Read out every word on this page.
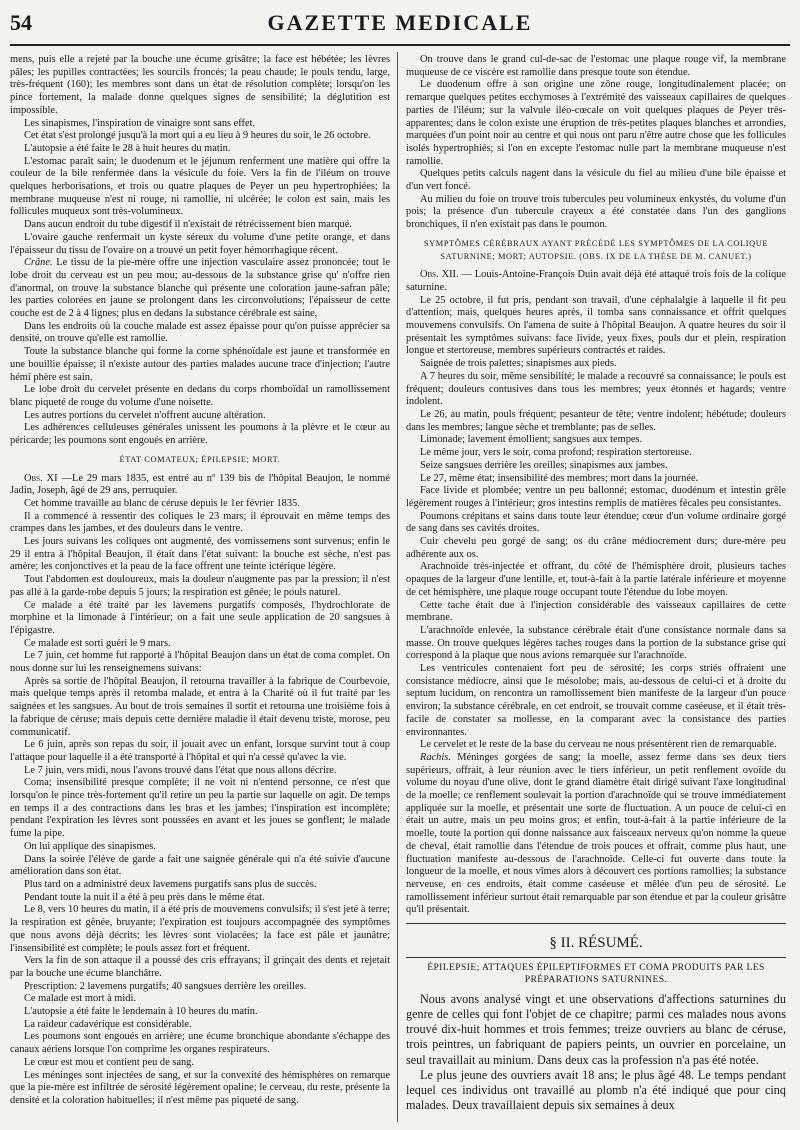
54	GAZETTE MEDICALE

mens, puis elle a rejeté par la bouche une écume grisâtre; la face est hébétée; les lèvres pâles; les pupilles contractées; les sourcils froncés; la peau chaude; le pouls tendu, large, très-fréquent (160); les membres sont dans un état de résolution complète; lorsqu'on les pince fortement, la malade donne quelques signes de sensibilité; la déglutition est impossible.

Les sinapismes, l'inspiration de vinaigre sont sans effet.

Cet état s'est prolongé jusqu'à la mort qui a eu lieu à 9 heures du soir, le 26 octobre.

L'autopsie a été faite le 28 à huit heures du matin.

L'estomac paraît sain; le duodenum et le jéjunum renferment une matière qui offre la couleur de la bile renfermée dans la vésicule du foie. Vers la fin de l'iléum on trouve quelques herborisations, et trois ou quatre plaques de Peyer un peu hypertrophiées; la membrane muqueuse n'est ni rouge, ni ramollie, ni ulcérée; le colon est sain, mais les follicules muqueux sont très-volumineux.

Dans aucun endroit du tube digestif il n'existait de rétrécissement bien marqué.

L'ovaire gauche renfermait un kyste séreux du volume d'une petite orange, et dans l'épaisseur du tissu de l'ovaire on a trouvé un petit foyer hémorrhagique récent.

Crâne. Le tissu de la pie-mère offre une injection vasculaire assez prononcée; tout le lobe droit du cerveau est un peu mou; au-dessous de la substance grise qu' n'offre rien d'anormal, on trouve la substance blanche qui présente une coloration jaune-safran pâle; les parties colorées en jaune se prolongent dans les circonvolutions; l'épaisseur de cette couche est de 2 à 4 lignes; plus en dedans la substance cérébrale est saine,

Dans les endroits où la couche malade est assez épaisse pour qu'on puisse apprécier sa densité, on trouve qu'elle est ramollie.

Toute la substance blanche qui forme la corne sphénoïdale est jaune et transformée en une bouillie épaisse; il n'existe autour des parties malades aucune trace d'injection; l'autre hémi phère est sain.

Le lobe droit du cervelet présente en dedans du corps rhomboïdal un ramollissement blanc piqueté de rouge du volume d'une noisette.

Les autres portions du cervelet n'offrent aucune altération.

Les adhérences celluleuses générales unissent les poumons à la plèvre et le cœur au péricarde; les poumons sont engoués en arrière.

ÉTAT COMATEUX; ÉPILEPSIE; MORT.

Obs. XI —Le 29 mars 1835, est entré au nº 139 bis de l'hôpital Beaujon, le nommé Jadin, Joseph, âgé de 29 ans, perruquier.

Cet homme travaille au blanc de céruse depuis le 1er février 1835.

Il a commencé à ressentir des coliques le 23 mars; il éprouvait en même temps des crampes dans les jambes, et des douleurs dans le ventre.

Les jours suivans les coliques ont augmenté, des vomissemens sont survenus; enfin le 29 il entra à l'hôpital Beaujon, il était dans l'état suivant: la bouche est sèche, n'est pas amère; les conjonctives et la peau de la face offrent une teinte ictérique légère.

Tout l'abdomen est douloureux, mais la douleur n'augmente pas par la pression; il n'est pas allé à la garde-robe depuis 5 jours; la respiration est gênée; le pouls naturel.

Ce malade a été traité par les lavemens purgatifs composés, l'hydrochlorate de morphine et la limonade à l'intérieur; on a fait une seule application de 20 sangsues à l'épigastre.

Ce malade est sorti guéri le 9 mars.

Le 7 juin, cet homme fut rapporté à l'hôpital Beaujon dans un état de coma complet. On nous donne sur lui les renseignemens suivans:

Après sa sortie de l'hôpital Beaujon, il retourna travailler à la fabrique de Courbevoie, mais quelque temps après il retomba malade, et entra à la Charité où il fut traité par les saignées et les sangsues. Au bout de trois semaines il sortit et retourna une troisième fois à la fabrique de céruse; mais depuis cette dernière maladie il était devenu triste, morose, peu communicatif.

Le 6 juin, après son repas du soir, il jouait avec un enfant, lorsque survint tout à coup l'attaque pour laquelle il a été transporté à l'hôpital et qui n'a cessé qu'avec la vie.

Le 7 juin, vers midi, nous l'avons trouvé dans l'état que nous allons décrire.

Coma; insensibilité presque complète; il ne voit ni n'entend personne, ce n'est que lorsqu'on le pince très-fortement qu'il retire un peu la partie sur laquelle on agit. De temps en temps il a des contractions dans les bras et les jambes; l'inspiration est incomplète; pendant l'expiration les lèvres sont poussées en avant et les joues se gonflent; le malade fume la pipe.

On lui applique des sinapismes.

Dans la soirée l'élève de garde a fait une saignée générale qui n'a été suivie d'aucune amélioration dans son état.

Plus tard on a administré deux lavemens purgatifs sans plus de succès.

Pendant toute la nuit il a été à peu près dans le même état.

Le 8, vers 10 heures du matin, il a été pris de mouvemens convulsifs; il s'est jeté à terre; la respiration est gênée, bruyante; l'expiration est toujours accompagnée des symptômes que nous avons déjà décrits; les lèvres sont violacées; la face est pâle et jaunâtre; l'insensibilité est complète; le pouls assez fort et fréquent.

Vers la fin de son attaque il a poussé des cris effrayans; il grinçait des dents et rejetait par la bouche une écume blanchâtre.

Prescription: 2 lavemens purgatifs; 40 sangsues derrière les oreilles.

Ce malade est mort à midi.

L'autopsie a été faite le lendemain à 10 heures du matin.

La raideur cadavérique est considérable.

Les poumons sont engoués en arrière; une écume bronchique abondante s'échappe des canaux aériens lorsque l'on comprime les organes respirateurs.

Le cœur est mou et contient peu de sang.

Les méninges sont injectées de sang, et sur la convexité des hémisphères on remarque que la pie-mère est infiltrée de sérosité légèrement opaline; le cerveau, du reste, présente la densité et la coloration habituelles; il n'est même pas piqueté de sang.

On trouve dans le grand cul-de-sac de l'estomac une plaque rouge vif, la membrane muqueuse de ce viscère est ramollie dans presque toute son étendue.

Le duodenum offre à son origine une zône rouge, longitudinalement placée; on remarque quelques petites ecchymoses à l'extrémité des vaisseaux capillaires de quelques parties de l'iléum; sur la valvule iléo-cœcale on voit quelques plaques de Peyer très-apparentes; dans le colon existe une éruption de très-petites plaques blanches et arrondies, marquées d'un point noir au centre et qui nous ont paru n'être autre chose que les follicules isolés hypertrophiés; si l'on en excepte l'estomac nulle part la membrane muqueuse n'est ramollie.

Quelques petits calculs nagent dans la vésicule du fiel au milieu d'une bile épaisse et d'un vert foncé.

Au milieu du foie on trouve trois tubercules peu volumineux enkystés, du volume d'un pois; la présence d'un tubercule crayeux a été constatée dans l'un des ganglions bronchiques, il n'en existait pas dans le poumon.

SYMPTÔMES CÉRÉBRAUX AYANT PRÉCÉDÉ LES SYMPTÔMES DE LA COLIQUE SATURNINE; MORT; AUTOPSIE. (OBS. IX DE LA THÈSE DE M. CANUET.)

Obs. XII. — Louis-Antoine-François Duin avait déjà été attaqué trois fois de la colique saturnine.

Le 25 octobre, il fut pris, pendant son travail, d'une céphalalgie à laquelle il fit peu d'attention; mais, quelques heures après, il tomba sans connaissance et offrit quelques mouvemens convulsifs. On l'amena de suite à l'hôpital Beaujon. A quatre heures du soir il présentait les symptômes suivans: face livide, yeux fixes, pouls dur et plein, respiration longue et stertoreuse, membres supérieurs contractés et raides.

Saignée de trois palettes; sinapismes aux pieds.

A 7 heures du soir, même sensibilité; le malade a recouvré sa connaissance; le pouls est fréquent; douleurs contusives dans tous les membres; yeux étonnés et hagards; ventre indolent.

Le 26, au matin, pouls fréquent; pesanteur de tête; ventre indolent; hébétude; douleurs dans les membres; langue sèche et tremblante; pas de selles.

Limonade; lavement émollient; sangsues aux tempes.

Le même jour, vers le soir, coma profond; respiration stertoreuse.

Seize sangsues derrière les oreilles; sinapismes aux jambes.

Le 27, même état; insensibilité des membres; mort dans la journée.

Face livide et plombée; ventre un peu ballonné; estomac, duodénum et intestin grêle légèrement rouges à l'intérieur; gros intestins remplis de matières fécales peu consistantes.

Poumons crépitans et sains dans toute leur étendue; cœur d'un volume ordinaire gorgé de sang dans ses cavités droites.

Cuir chevelu peu gorgé de sang; os du crâne médiocrement durs; dure-mère peu adhérente aux os.

Arachnoïde très-injectée et offrant, du côté de l'hémisphère droit, plusieurs taches opaques de la largeur d'une lentille, et, tout-à-fait à la partie latérale inférieure et moyenne de cet hémisphère, une plaque rouge occupant toute l'étendue du lobe moyen.

Cette tache était due à l'injection considérable des vaisseaux capillaires de cette membrane.

L'arachnoïde enlevée, la substance cérébrale était d'une consistance normale dans sa masse. On trouve quelques légères taches rouges dans la portion de la substance grise qui correspond à la plaque que nous avions remarquée sur l'arachnoïde.

Les ventricules contenaient fort peu de sérosité; les corps striés offraient une consistance médiocre, ainsi que le mésolobe; mais, au-dessous de celui-ci et à droite du septum lucidum, on rencontra un ramollissement bien manifeste de la largeur d'un pouce environ; la substance cérébrale, en cet endroit, se trouvait comme caséeuse, et il était très-facile de constater sa mollesse, en la comparant avec la consistance des parties environnantes.

Le cervelet et le reste de la base du cerveau ne nous présentèrent rien de remarquable.

Rachis. Méninges gorgées de sang; la moelle, assez ferme dans ses deux tiers supérieurs, offrait, à leur réunion avec le tiers inférieur, un petit renflement ovoïde du volume du noyau d'une olive, dont le grand diamètre était dirigé suivant l'axe longitudinal de la moelle; ce renflement soulevait la portion d'arachnoïde qui se trouve immédiatement appliquée sur la moelle, et présentait une sorte de fluctuation. A un pouce de celui-ci en était un autre, mais un peu moins gros; et enfin, tout-à-fait à la partie inférieure de la moelle, toute la portion qui donne naissance aux faisceaux nerveux qu'on nomme la queue de cheval, était ramollie dans l'étendue de trois pouces et offrait, comme plus haut, une fluctuation manifeste au-dessous de l'arachnoïde. Celle-ci fut ouverte dans toute la longueur de la moelle, et nous vîmes alors à découvert ces portions ramollies; la substance nerveuse, en ces endroits, était comme caséeuse et mêlée d'un peu de sérosité. Le ramollissement inférieur surtout était remarquable par son étendue et par la couleur grisâtre qu'il présentait.

§ II. RÉSUMÉ.
ÉPILEPSIE; ATTAQUES ÉPILEPTIFORMES ET COMA PRODUITS PAR LES PRÉPARATIONS SATURNINES.

Nous avons analysé vingt et une observations d'affections saturnines du genre de celles qui font l'objet de ce chapitre; parmi ces malades nous avons trouvé dix-huit hommes et trois femmes; treize ouvriers au blanc de céruse, trois peintres, un fabriquant de papiers peints, un ouvrier en porcelaine, un seul travaillait au minium. Dans deux cas la profession n'a pas été notée.

Le plus jeune des ouvriers avait 18 ans; le plus âgé 48. Le temps pendant lequel ces individus ont travaillé au plomb n'a été indiqué que pour cinq malades. Deux travaillaient depuis six semaines à deux
